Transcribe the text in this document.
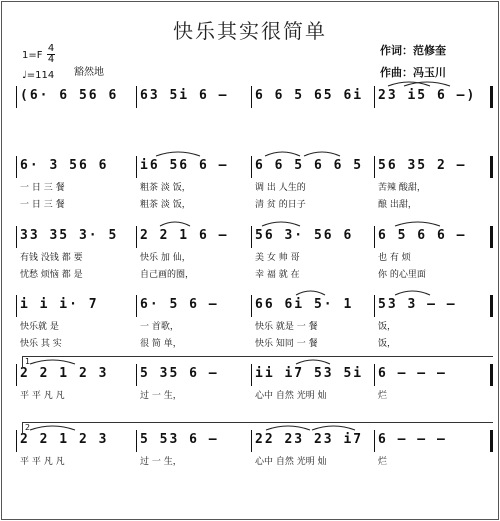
快乐其实很简单
作词：范修奎
作曲：冯玉川
1=F
4
4
♩=114 豁然地
(6· 6 56 6 63 5i 6 – 6 6 5 65 6i 23 i5 6 –)
6· 3 56 6 i6 56 6 – 6 6 5 6 6 5 56 35 2 –
一 日 三 餐	粗茶 淡 饭，	调 出 人生的	苦辣 酸甜，
一 日 三 餐	粗茶 淡 饭，	清 贫 的日子	酿 出甜，
33 35 3· 5 2 2 1 6 – 56 3· 56 6 6 5 6 6 –
有钱 没钱 都 要	快乐 加 仙，	美 女 帅 哥	也 有 烦
忧愁 烦恼 都 是	自己画的圈，	幸 福 就 在	你 的心里面
i i i· 7	6· 5 6 –	66 6i 5· 1 53 3 – –
快乐就 是	一 首歌，	快乐 就是 一 餐	饭，
快乐 其 实	很 简 单，	快乐 知同 一 餐	饭，
2 2 1 2 3 5 35 6 –	ii i7 53 5i 6 – – –
平 平 凡 凡	过 一 生，	心中 自然 光明 灿	烂
2 2 1 2 3 5 53 6 –	22 23 23 i7 6 – – –
平 平 凡 凡	过 一 生，	心中 自然 光明 灿	烂
1.
2.
